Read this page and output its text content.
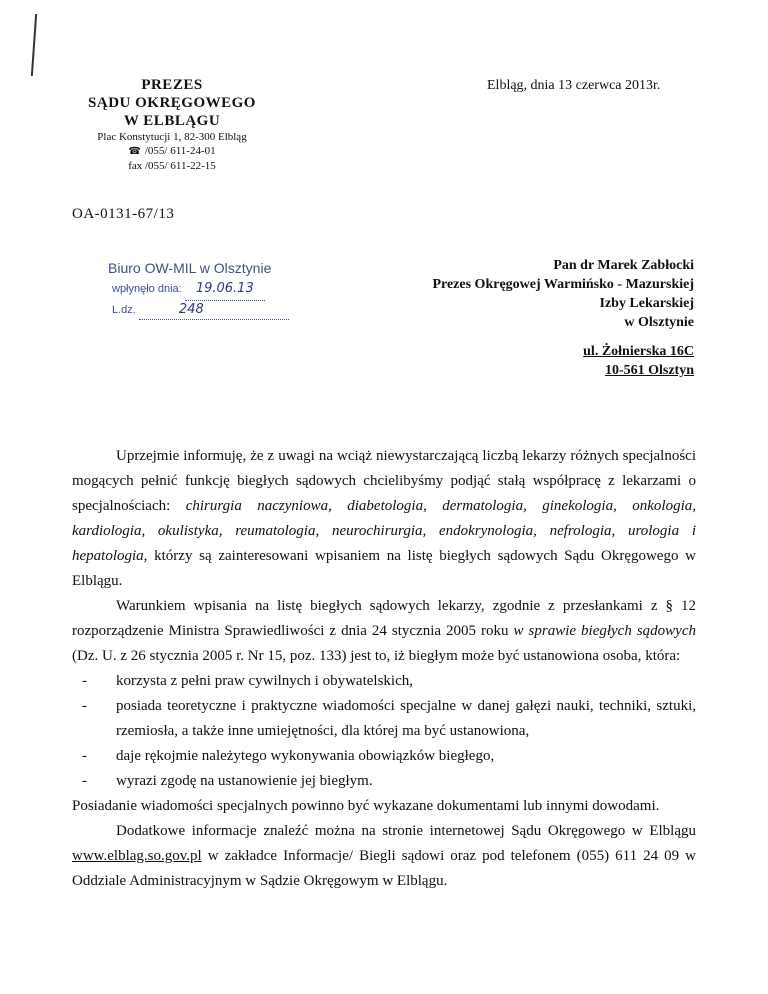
PREZES
SĄDU OKRĘGOWEGO
W ELBLĄGU
Plac Konstytucji 1, 82-300 Elbląg
☎ /055/ 611-24-01
fax /055/ 611-22-15
Elbląg, dnia 13 czerwca 2013r.
OA-0131-67/13
Biuro OW-MIL w Olsztynie
wpłynęło dnia: 19.06.13
L.dz.	248
Pan dr Marek Zabłocki
Prezes Okręgowej Warmińsko - Mazurskiej
Izby Lekarskiej
w Olsztynie
ul. Żołnierska 16C
10-561 Olsztyn

Uprzejmie informuję, że z uwagi na wciąż niewystarczającą liczbą lekarzy różnych specjalności mogących pełnić funkcję biegłych sądowych chcielibyśmy podjąć stałą współpracę z lekarzami o specjalnościach: chirurgia naczyniowa, diabetologia, dermatologia, ginekologia, onkologia, kardiologia, okulistyka, reumatologia, neurochirurgia, endokrynologia, nefrologia, urologia i hepatologia, którzy są zainteresowani wpisaniem na listę biegłych sądowych Sądu Okręgowego w Elblągu.

Warunkiem wpisania na listę biegłych sądowych lekarzy, zgodnie z przesłankami z § 12 rozporządzenie Ministra Sprawiedliwości z dnia 24 stycznia 2005 roku w sprawie biegłych sądowych (Dz. U. z 26 stycznia 2005 r. Nr 15, poz. 133) jest to, iż biegłym może być ustanowiona osoba, która:

- korzysta z pełni praw cywilnych i obywatelskich,
- posiada teoretyczne i praktyczne wiadomości specjalne w danej gałęzi nauki, techniki, sztuki, rzemiosła, a także inne umiejętności, dla której ma być ustanowiona,
- daje rękojmie należytego wykonywania obowiązków biegłego,
- wyrazi zgodę na ustanowienie jej biegłym.

Posiadanie wiadomości specjalnych powinno być wykazane dokumentami lub innymi dowodami.

Dodatkowe informacje znaleźć można na stronie internetowej Sądu Okręgowego w Elblągu www.elblag.so.gov.pl w zakładce Informacje/ Biegli sądowi oraz pod telefonem (055) 611 24 09 w Oddziale Administracyjnym w Sądzie Okręgowym w Elblągu.
